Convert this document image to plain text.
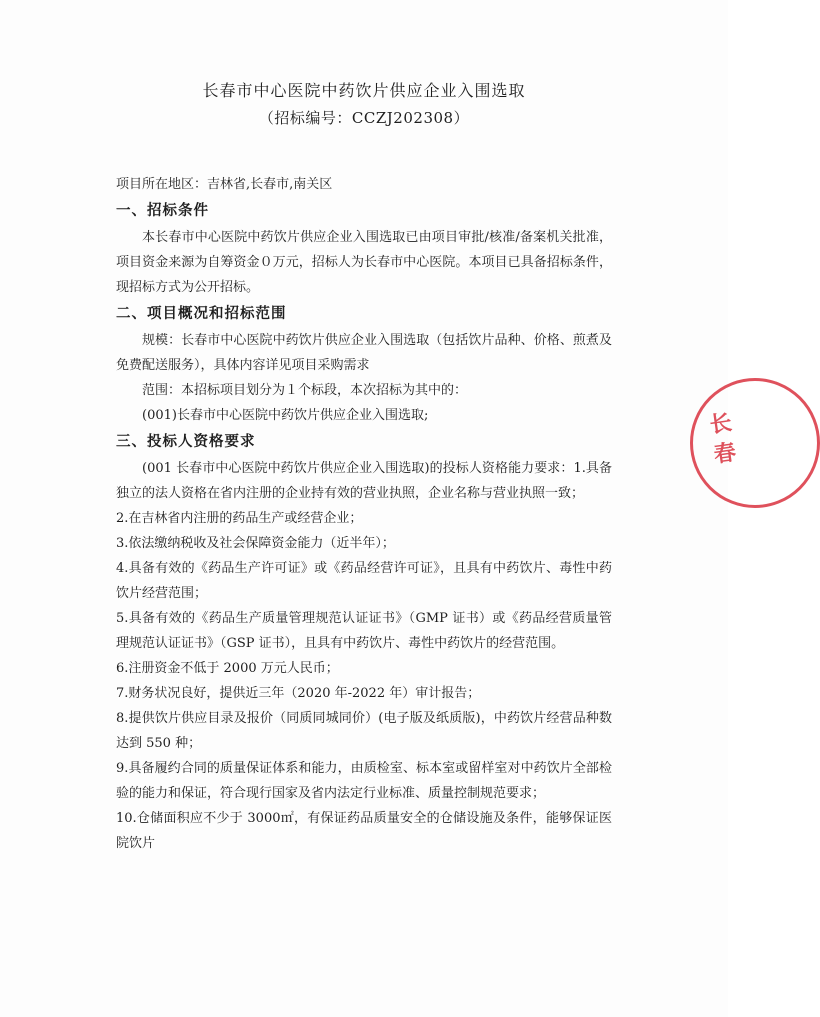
长春市中心医院中药饮片供应企业入围选取
（招标编号：CCZJ202308）

项目所在地区：吉林省,长春市,南关区

一、招标条件

本长春市中心医院中药饮片供应企业入围选取已由项目审批/核准/备案机关批准，项目资金来源为自筹资金０万元，招标人为长春市中心医院。本项目已具备招标条件，现招标方式为公开招标。

二、项目概况和招标范围

规模：长春市中心医院中药饮片供应企业入围选取（包括饮片品种、价格、煎煮及免费配送服务），具体内容详见项目采购需求

范围：本招标项目划分为１个标段，本次招标为其中的：

(001)长春市中心医院中药饮片供应企业入围选取;

三、投标人资格要求

(001 长春市中心医院中药饮片供应企业入围选取)的投标人资格能力要求：1.具备独立的法人资格在省内注册的企业持有效的营业执照，企业名称与营业执照一致；

2.在吉林省内注册的药品生产或经营企业；

3.依法缴纳税收及社会保障资金能力（近半年）；

4.具备有效的《药品生产许可证》或《药品经营许可证》，且具有中药饮片、毒性中药饮片经营范围；

5.具备有效的《药品生产质量管理规范认证证书》（GMP 证书）或《药品经营质量管理规范认证证书》（GSP 证书），且具有中药饮片、毒性中药饮片的经营范围。

6.注册资金不低于 2000 万元人民币；

7.财务状况良好，提供近三年（2020 年-2022 年）审计报告；

8.提供饮片供应目录及报价（同质同城同价）(电子版及纸质版)，中药饮片经营品种数达到 550 种；

9.具备履约合同的质量保证体系和能力，由质检室、标本室或留样室对中药饮片全部检验的能力和保证，符合现行国家及省内法定行业标准、质量控制规范要求；

10.仓储面积应不少于 3000㎡，有保证药品质量安全的仓储设施及条件，能够保证医院饮片

长春
